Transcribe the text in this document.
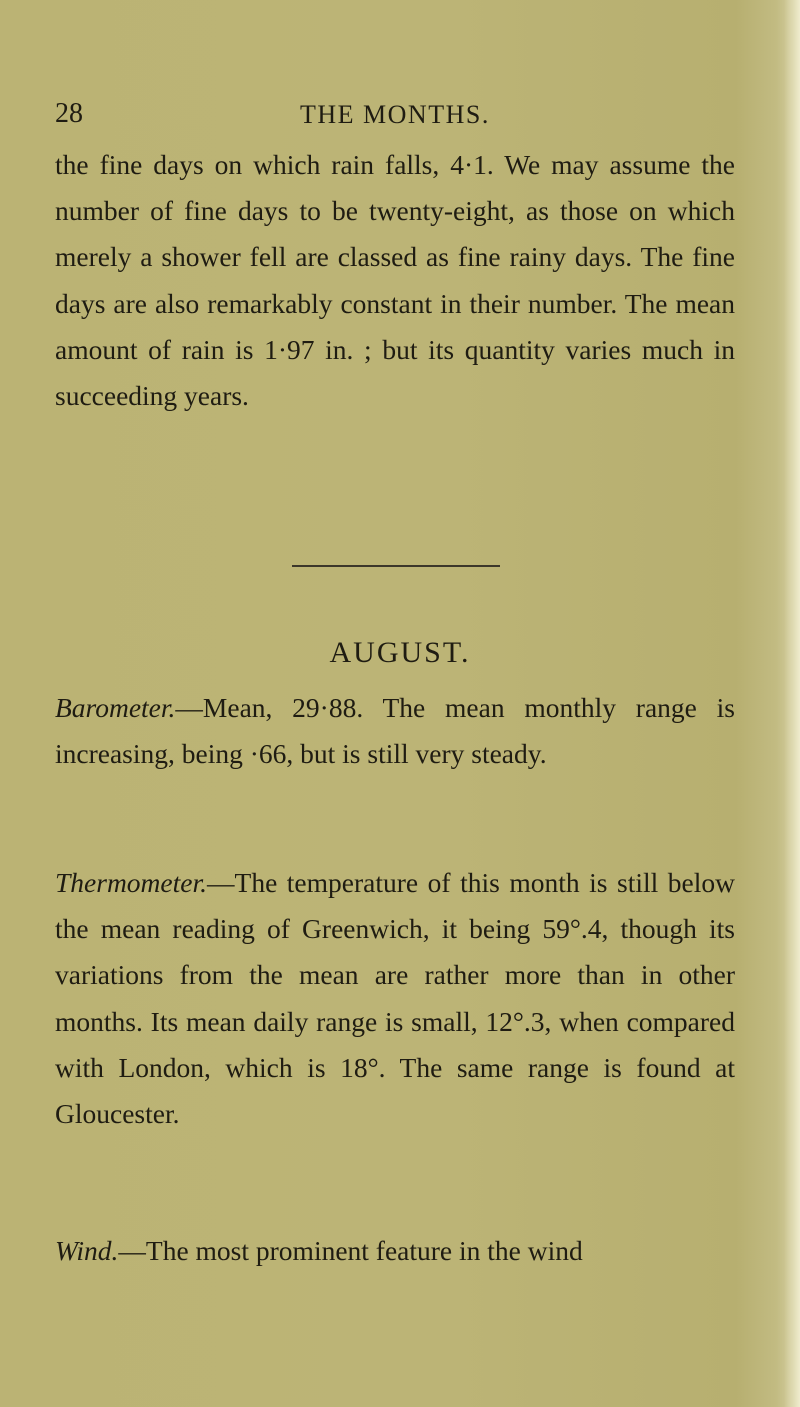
28	THE MONTHS.
the fine days on which rain falls, 4·1. We may assume the number of fine days to be twenty-eight, as those on which merely a shower fell are classed as fine rainy days. The fine days are also remarkably constant in their number. The mean amount of rain is 1·97 in. ; but its quantity varies much in succeeding years.
AUGUST.
Barometer.—Mean, 29·88. The mean monthly range is increasing, being ·66, but is still very steady.
Thermometer.—The temperature of this month is still below the mean reading of Greenwich, it being 59°.4, though its variations from the mean are rather more than in other months. Its mean daily range is small, 12°.3, when compared with London, which is 18°. The same range is found at Gloucester.
Wind.—The most prominent feature in the wind
